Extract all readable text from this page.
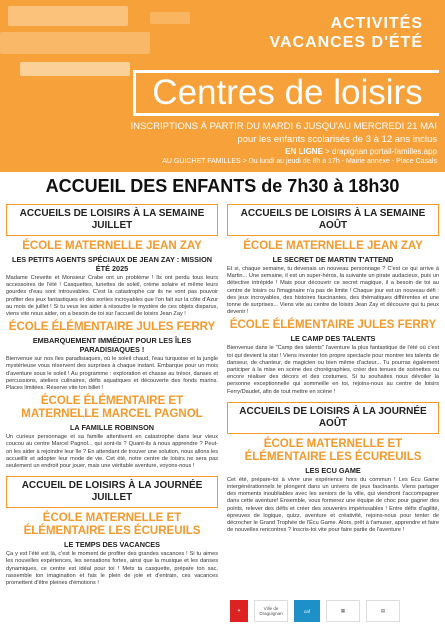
ACTIVITÉS
VACANCES D'ÉTÉ
Centres de loisirs
INSCRIPTIONS À PARTIR DU MARDI 6 JUSQU'AU MERCREDI 21 MAI
pour les enfants scolarisés de 3 à 12 ans inclus
EN LIGNE > drapignan portail-familles.app
AU GUICHET FAMILLES > Du lundi au jeudi de 8h à 17h - Mairie annexe - Place Casals
ACCUEIL DES ENFANTS de 7h30 à 18h30
ACCUEILS DE LOISIRS À LA SEMAINE JUILLET
ÉCOLE MATERNELLE JEAN ZAY
LES PETITS AGENTS SPÉCIAUX DE JEAN ZAY : MISSION ÉTÉ 2025
Madame Crevette et Monsieur Crabe ont un problème ! Ils ont perdu tous leurs accessoires de l'été ! Casquettes, lunettes de soleil, crème solaire et même leurs gourdes d'eau sont introuvables. C'est la catastrophe car ils ne vont pas pouvoir profiter des jeux fantastiques et des sorties incroyables que l'on fait sur la côte d'Azur au mois de juillet ! Si tu veux les aider à résoudre le mystère de ces objets disparus, viens vite nous aider, on a besoin de toi sur l'accueil de loisirs Jean Zay !
ÉCOLE ÉLÉMENTAIRE JULES FERRY
EMBARQUEMENT IMMÉDIAT POUR LES ÎLES PARADISIAQUES !
Bienvenue sur nos îles paradisiaques, où le soleil chaud, l'eau turquoise et la jungle mystérieuse vous réservent des surprises à chaque instant. Embarque pour un mois d'aventure sous le soleil ! Au programme : exploration et chasse au trésor, danses et percussions, ateliers culinaires, défis aquatiques et découverte des fonds marins. Places limitées. Réserve vite ton billet !
ÉCOLE ÉLÉMENTAIRE ET MATERNELLE MARCEL PAGNOL
LA FAMILLE ROBINSON
Un curieux personnage et sa famille attentivent en catastrophe dans leur vieux coucou au centre Marcel Pagnol... qui sont-ils ? Quant-ils à nous apprendre ? Peut-on les aider à rejoindre leur île ? En attendant de trouver une solution, nous allons les accueillir et adopter leur mode de vie. Cet été, notre centre de loisirs ne sera pas seulement un endroit pour jouer, mais une véritable aventure, voyons-nous !
ACCUEIL DE LOISIRS À LA JOURNÉE JUILLET
ÉCOLE MATERNELLE ET ÉLÉMENTAIRE LES ÉCUREUILS
LE TEMPS DES VACANCES
Ça y est l'été est là, c'est le moment de profiter des grandes vacances ! Si tu aimes les nouvelles expériences, les sensations fortes, ainsi que la musique et les danses dynamiques, ce centre est idéal pour toi ! Mets ta casquette, prépare ton sac, rassemble ton imagination et fais le plein de joie et d'entrain, ces vacances promettent d'être pleines d'émotions !
ACCUEILS DE LOISIRS À LA SEMAINE AOÛT
ÉCOLE MATERNELLE JEAN ZAY
LE SECRET DE MARTIN T'ATTEND
Et si, chaque semaine, tu devenais un nouveau personnage ? C'est ce qui arrive à Martin... Une semaine, il est un super-héros, la suivante un pirate audacieux, puis un détective intrépide ! Mais pour découvrir ce secret magique, il a besoin de toi au centre de loisirs ou l'imaginaire n'a pas de limite ! Chaque jour est un nouveau défi : des jeux incroyables, des histoires fascinantes, des thématiques différentes et une tonne de surprises... Viens vite au centre de loisirs Jean Zay et découvre qui tu peux devenir !
ÉCOLE ÉLÉMENTAIRE JULES FERRY
LE CAMP DES TALENTS
Bienvenue dans le "Camp des talents" l'aventure la plus fantastique de l'été où c'est toi qui devient la star ! Viens inventer ton propre spectacle pour montrer tes talents de danseur, de chanteur, de magicien ou bien même d'acteur... Tu pourras également participer à la mise en scène des chorégraphies, créer des tenues de scénettes ou encore réaliser des décors et des costumes. Si tu souhaites nous dévoiler la personne exceptionnelle qui sommeille en toi, rejoins-nous au centre de loisirs Ferry/Daudet, afin de tout mettre en scène !
ACCUEILS DE LOISIRS À LA JOURNÉE AOÛT
ÉCOLE MATERNELLE ET ÉLÉMENTAIRE LES ÉCUREUILS
LES ECU GAME
Cet été, prépare-toi à vivre une expérience hors du commun ! Les Écu Game intergénérationnels te plongent dans un univers de jeux fascinants. Viens partager des moments inoubliables avec les seniors de la ville, qui viendront t'accompagner dans cette aventure! Ensemble, vous formerez une équipe de choc pour gagner des points, relever des défis et créer des souvenirs impérissables ! Entre défis d'agilité, épreuves de logique, quizz, aventure et créativité, rejoins-nous pour tenter de décrocher le Grand Trophée de l'Écu Game. Alors, prêt à t'amuser, apprendre et faire de nouvelles rencontres ? Inscris-toi vite pour faire partie de l'aventure !
✦	Ville de Draguignan	caf	▦	▤
